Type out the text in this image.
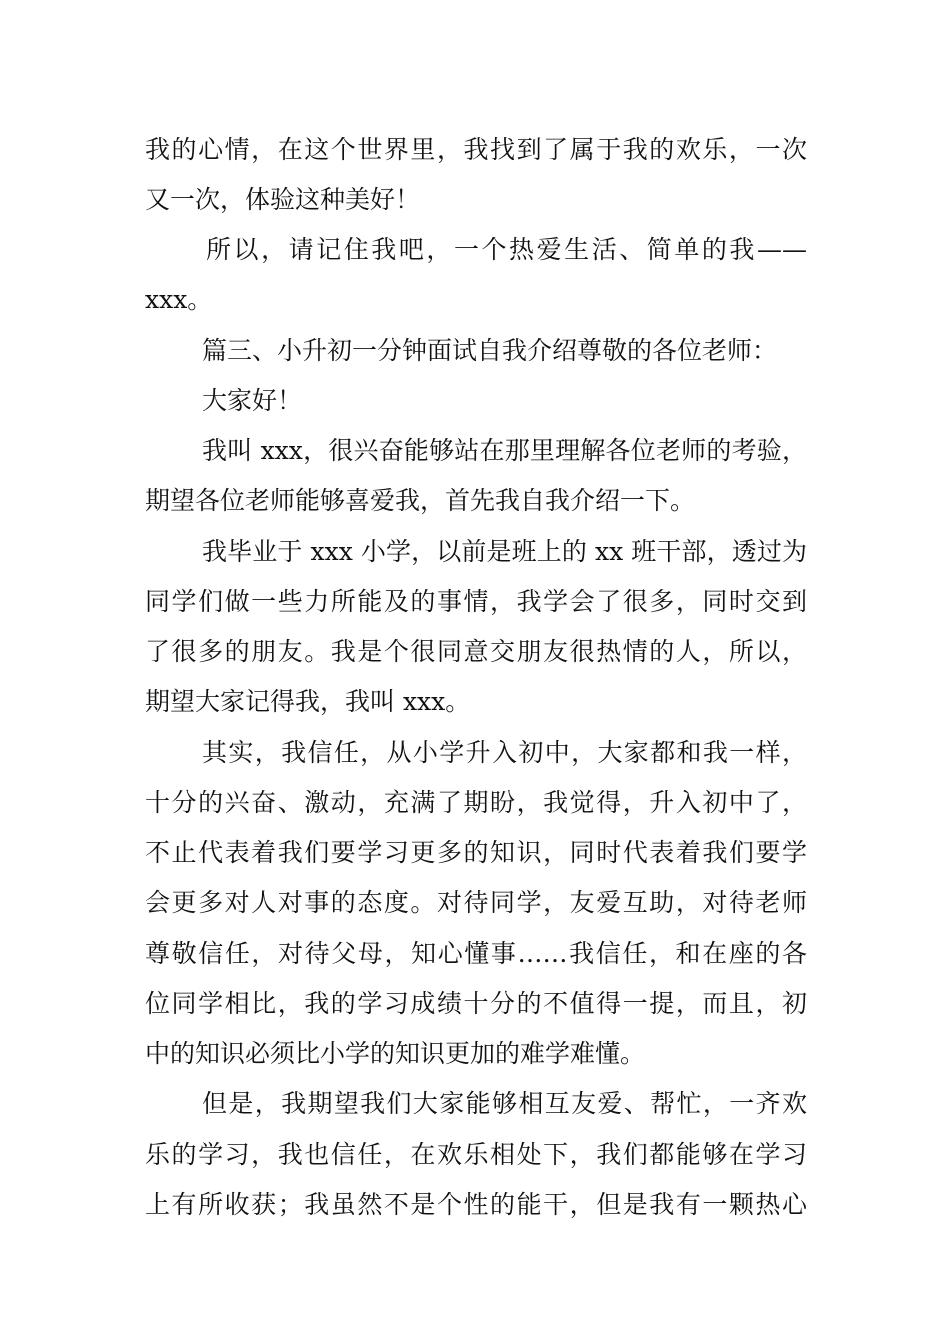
我的心情，在这个世界里，我找到了属于我的欢乐，一次
又一次，体验这种美好！
所以，请记住我吧，一个热爱生活、简单的我——
xxx。
篇三、小升初一分钟面试自我介绍尊敬的各位老师：
大家好！
我叫 xxx，很兴奋能够站在那里理解各位老师的考验，
期望各位老师能够喜爱我，首先我自我介绍一下。
我毕业于 xxx 小学，以前是班上的 xx 班干部，透过为
同学们做一些力所能及的事情，我学会了很多，同时交到
了很多的朋友。我是个很同意交朋友很热情的人，所以，
期望大家记得我，我叫 xxx。
其实，我信任，从小学升入初中，大家都和我一样，
十分的兴奋、激动，充满了期盼，我觉得，升入初中了，
不止代表着我们要学习更多的知识，同时代表着我们要学
会更多对人对事的态度。对待同学，友爱互助，对待老师
尊敬信任，对待父母，知心懂事……我信任，和在座的各
位同学相比，我的学习成绩十分的不值得一提，而且，初
中的知识必须比小学的知识更加的难学难懂。
但是，我期望我们大家能够相互友爱、帮忙，一齐欢
乐的学习，我也信任，在欢乐相处下，我们都能够在学习
上有所收获；我虽然不是个性的能干，但是我有一颗热心
